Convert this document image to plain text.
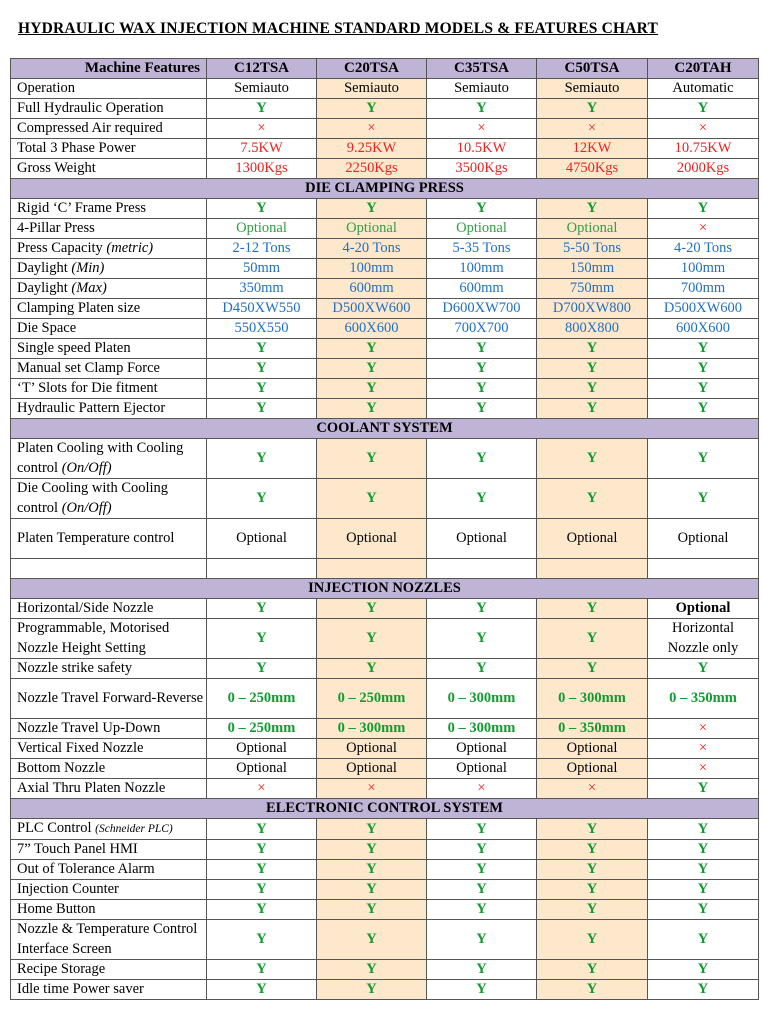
HYDRAULIC WAX INJECTION MACHINE STANDARD MODELS & FEATURES CHART
Machine Features	C12TSA	C20TSA	C35TSA	C50TSA	C20TAH
Operation	Semiauto	Semiauto	Semiauto	Semiauto	Automatic
Full Hydraulic Operation	Y	Y	Y	Y	Y
Compressed Air required	×	×	×	×	×
Total 3 Phase Power	7.5KW	9.25KW	10.5KW	12KW	10.75KW
Gross Weight	1300Kgs	2250Kgs	3500Kgs	4750Kgs	2000Kgs
DIE CLAMPING PRESS					
Rigid ‘C’ Frame Press	Y	Y	Y	Y	Y
4-Pillar Press	Optional	Optional	Optional	Optional	×
Press Capacity (metric)	2-12 Tons	4-20 Tons	5-35 Tons	5-50 Tons	4-20 Tons
Daylight (Min)	50mm	100mm	100mm	150mm	100mm
Daylight (Max)	350mm	600mm	600mm	750mm	700mm
Clamping Platen size	D450XW550	D500XW600	D600XW700	D700XW800	D500XW600
Die Space	550X550	600X600	700X700	800X800	600X600
Single speed Platen	Y	Y	Y	Y	Y
Manual set Clamp Force	Y	Y	Y	Y	Y
‘T’ Slots for Die fitment	Y	Y	Y	Y	Y
Hydraulic Pattern Ejector	Y	Y	Y	Y	Y
COOLANT SYSTEM					
Platen Cooling with Cooling control (On/Off)	Y	Y	Y	Y	Y
Die Cooling with Cooling control (On/Off)	Y	Y	Y	Y	Y
Platen Temperature control	Optional	Optional	Optional	Optional	Optional

INJECTION NOZZLES					
Horizontal/Side Nozzle	Y	Y	Y	Y	Optional
Programmable, Motorised Nozzle Height Setting	Y	Y	Y	Y	Horizontal Nozzle only
Nozzle strike safety	Y	Y	Y	Y	Y
Nozzle Travel Forward-Reverse	0 – 250mm	0 – 250mm	0 – 300mm	0 – 300mm	0 – 350mm
Nozzle Travel Up-Down	0 – 250mm	0 – 300mm	0 – 300mm	0 – 350mm	×
Vertical Fixed Nozzle	Optional	Optional	Optional	Optional	×
Bottom Nozzle	Optional	Optional	Optional	Optional	×
Axial Thru Platen Nozzle	×	×	×	×	Y
ELECTRONIC CONTROL SYSTEM					
PLC Control (Schneider PLC)	Y	Y	Y	Y	Y
7” Touch Panel HMI	Y	Y	Y	Y	Y
Out of Tolerance Alarm	Y	Y	Y	Y	Y
Injection Counter	Y	Y	Y	Y	Y
Home Button	Y	Y	Y	Y	Y
Nozzle & Temperature Control Interface Screen	Y	Y	Y	Y	Y
Recipe Storage	Y	Y	Y	Y	Y
Idle time Power saver	Y	Y	Y	Y	Y
